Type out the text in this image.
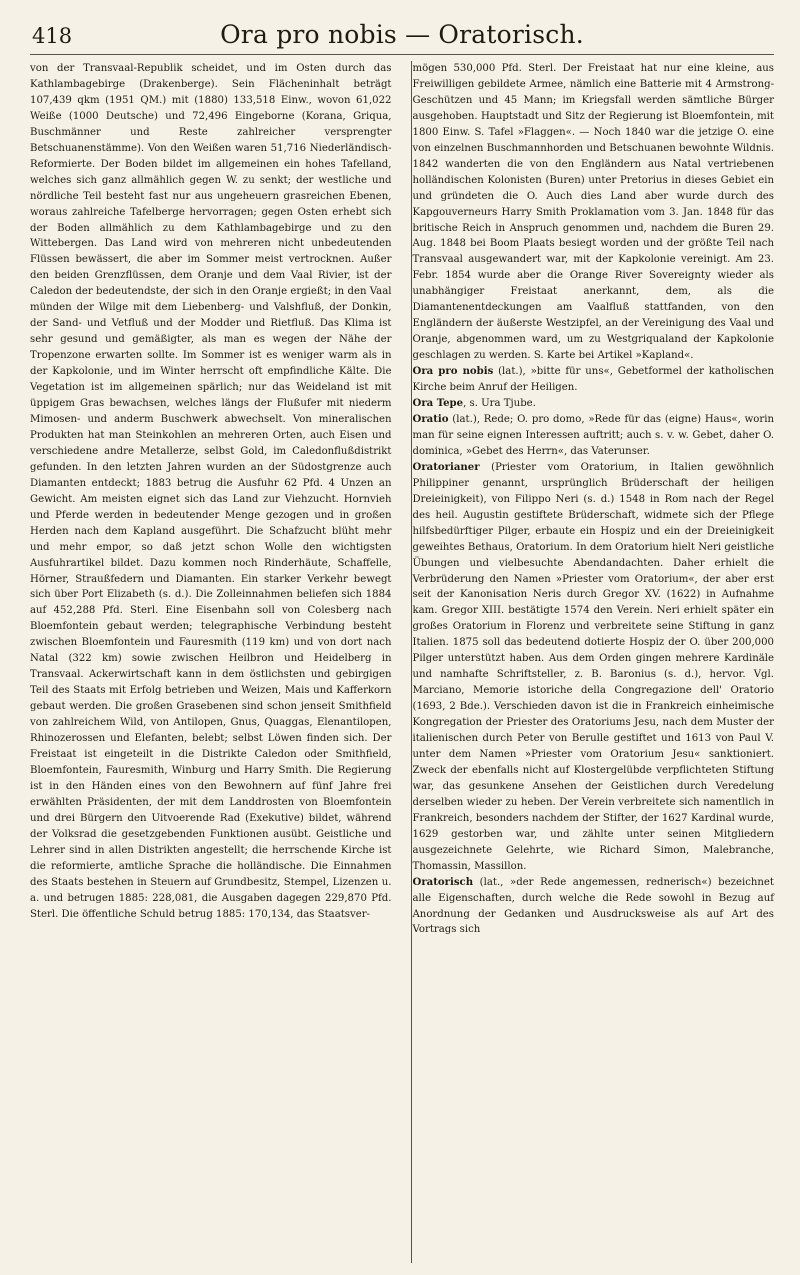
418	Ora pro nobis — Oratorisch.

von der Transvaal-Republik scheidet, und im Osten durch das Kathlambagebirge (Drakenberge). Sein Flächeninhalt beträgt 107,439 qkm (1951 QM.) mit (1880) 133,518 Einw., wovon 61,022 Weiße (1000 Deutsche) und 72,496 Eingeborne (Korana, Griqua, Buschmänner und Reste zahlreicher versprengter Betschuanenstämme). Von den Weißen waren 51,716 Niederländisch-Reformierte. Der Boden bildet im allgemeinen ein hohes Tafelland, welches sich ganz allmählich gegen W. zu senkt; der westliche und nördliche Teil besteht fast nur aus ungeheuern grasreichen Ebenen, woraus zahlreiche Tafelberge hervorragen; gegen Osten erhebt sich der Boden allmählich zu dem Kathlambagebirge und zu den Wittebergen. Das Land wird von mehreren nicht unbedeutenden Flüssen bewässert, die aber im Sommer meist vertrocknen. Außer den beiden Grenzflüssen, dem Oranje und dem Vaal Rivier, ist der Caledon der bedeutendste, der sich in den Oranje ergießt; in den Vaal münden der Wilge mit dem Liebenberg- und Valshfluß, der Donkin, der Sand- und Vetfluß und der Modder und Rietfluß. Das Klima ist sehr gesund und gemäßigter, als man es wegen der Nähe der Tropenzone erwarten sollte. Im Sommer ist es weniger warm als in der Kapkolonie, und im Winter herrscht oft empfindliche Kälte. Die Vegetation ist im allgemeinen spärlich; nur das Weideland ist mit üppigem Gras bewachsen, welches längs der Flußufer mit niederm Mimosen- und anderm Buschwerk abwechselt. Von mineralischen Produkten hat man Steinkohlen an mehreren Orten, auch Eisen und verschiedene andre Metallerze, selbst Gold, im Caledonflußdistrikt gefunden. In den letzten Jahren wurden an der Südostgrenze auch Diamanten entdeckt; 1883 betrug die Ausfuhr 62 Pfd. 4 Unzen an Gewicht. Am meisten eignet sich das Land zur Viehzucht. Hornvieh und Pferde werden in bedeutender Menge gezogen und in großen Herden nach dem Kapland ausgeführt. Die Schafzucht blüht mehr und mehr empor, so daß jetzt schon Wolle den wichtigsten Ausfuhrartikel bildet. Dazu kommen noch Rinderhäute, Schaffelle, Hörner, Straußfedern und Diamanten. Ein starker Verkehr bewegt sich über Port Elizabeth (s. d.). Die Zolleinnahmen beliefen sich 1884 auf 452,288 Pfd. Sterl. Eine Eisenbahn soll von Colesberg nach Bloemfontein gebaut werden; telegraphische Verbindung besteht zwischen Bloemfontein und Fauresmith (119 km) und von dort nach Natal (322 km) sowie zwischen Heilbron und Heidelberg in Transvaal. Ackerwirtschaft kann in dem östlichsten und gebirgigen Teil des Staats mit Erfolg betrieben und Weizen, Mais und Kafferkorn gebaut werden. Die großen Grasebenen sind schon jenseit Smithfield von zahlreichem Wild, von Antilopen, Gnus, Quaggas, Elenantilopen, Rhinozerossen und Elefanten, belebt; selbst Löwen finden sich. Der Freistaat ist eingeteilt in die Distrikte Caledon oder Smithfield, Bloemfontein, Fauresmith, Winburg und Harry Smith. Die Regierung ist in den Händen eines von den Bewohnern auf fünf Jahre frei erwählten Präsidenten, der mit dem Landdrosten von Bloemfontein und drei Bürgern den Uitvoerende Rad (Exekutive) bildet, während der Volksrad die gesetzgebenden Funktionen ausübt. Geistliche und Lehrer sind in allen Distrikten angestellt; die herrschende Kirche ist die reformierte, amtliche Sprache die holländische. Die Einnahmen des Staats bestehen in Steuern auf Grundbesitz, Stempel, Lizenzen u. a. und betrugen 1885: 228,081, die Ausgaben dagegen 229,870 Pfd. Sterl. Die öffentliche Schuld betrug 1885: 170,134, das Staatsver-

mögen 530,000 Pfd. Sterl. Der Freistaat hat nur eine kleine, aus Freiwilligen gebildete Armee, nämlich eine Batterie mit 4 Armstrong-Geschützen und 45 Mann; im Kriegsfall werden sämtliche Bürger ausgehoben. Hauptstadt und Sitz der Regierung ist Bloemfontein, mit 1800 Einw. S. Tafel »Flaggen«. — Noch 1840 war die jetzige O. eine von einzelnen Buschmannhorden und Betschuanen bewohnte Wildnis. 1842 wanderten die von den Engländern aus Natal vertriebenen holländischen Kolonisten (Buren) unter Pretorius in dieses Gebiet ein und gründeten die O. Auch dies Land aber wurde durch des Kapgouverneurs Harry Smith Proklamation vom 3. Jan. 1848 für das britische Reich in Anspruch genommen und, nachdem die Buren 29. Aug. 1848 bei Boom Plaats besiegt worden und der größte Teil nach Transvaal ausgewandert war, mit der Kapkolonie vereinigt. Am 23. Febr. 1854 wurde aber die Orange River Sovereignty wieder als unabhängiger Freistaat anerkannt, dem, als die Diamantenentdeckungen am Vaalfluß stattfanden, von den Engländern der äußerste Westzipfel, an der Vereinigung des Vaal und Oranje, abgenommen ward, um zu Westgriqualand der Kapkolonie geschlagen zu werden. S. Karte bei Artikel »Kapland«.

Ora pro nobis (lat.), »bitte für uns«, Gebetformel der katholischen Kirche beim Anruf der Heiligen.

Ora Tepe, s. Ura Tjube.

Oratio (lat.), Rede; O. pro domo, »Rede für das (eigne) Haus«, worin man für seine eignen Interessen auftritt; auch s. v. w. Gebet, daher O. dominica, »Gebet des Herrn«, das Vaterunser.

Oratorianer (Priester vom Oratorium, in Italien gewöhnlich Philippiner genannt, ursprünglich Brüderschaft der heiligen Dreieinigkeit), von Filippo Neri (s. d.) 1548 in Rom nach der Regel des heil. Augustin gestiftete Brüderschaft, widmete sich der Pflege hilfsbedürftiger Pilger, erbaute ein Hospiz und ein der Dreieinigkeit geweihtes Bethaus, Oratorium. In dem Oratorium hielt Neri geistliche Übungen und vielbesuchte Abendandachten. Daher erhielt die Verbrüderung den Namen »Priester vom Oratorium«, der aber erst seit der Kanonisation Neris durch Gregor XV. (1622) in Aufnahme kam. Gregor XIII. bestätigte 1574 den Verein. Neri erhielt später ein großes Oratorium in Florenz und verbreitete seine Stiftung in ganz Italien. 1875 soll das bedeutend dotierte Hospiz der O. über 200,000 Pilger unterstützt haben. Aus dem Orden gingen mehrere Kardinäle und namhafte Schriftsteller, z. B. Baronius (s. d.), hervor. Vgl. Marciano, Memorie istoriche della Congregazione dell' Oratorio (1693, 2 Bde.). Verschieden davon ist die in Frankreich einheimische Kongregation der Priester des Oratoriums Jesu, nach dem Muster der italienischen durch Peter von Berulle gestiftet und 1613 von Paul V. unter dem Namen »Priester vom Oratorium Jesu« sanktioniert. Zweck der ebenfalls nicht auf Klostergelübde verpflichteten Stiftung war, das gesunkene Ansehen der Geistlichen durch Veredelung derselben wieder zu heben. Der Verein verbreitete sich namentlich in Frankreich, besonders nachdem der Stifter, der 1627 Kardinal wurde, 1629 gestorben war, und zählte unter seinen Mitgliedern ausgezeichnete Gelehrte, wie Richard Simon, Malebranche, Thomassin, Massillon.

Oratorisch (lat., »der Rede angemessen, rednerisch«) bezeichnet alle Eigenschaften, durch welche die Rede sowohl in Bezug auf Anordnung der Gedanken und Ausdrucksweise als auf Art des Vortrags sich
